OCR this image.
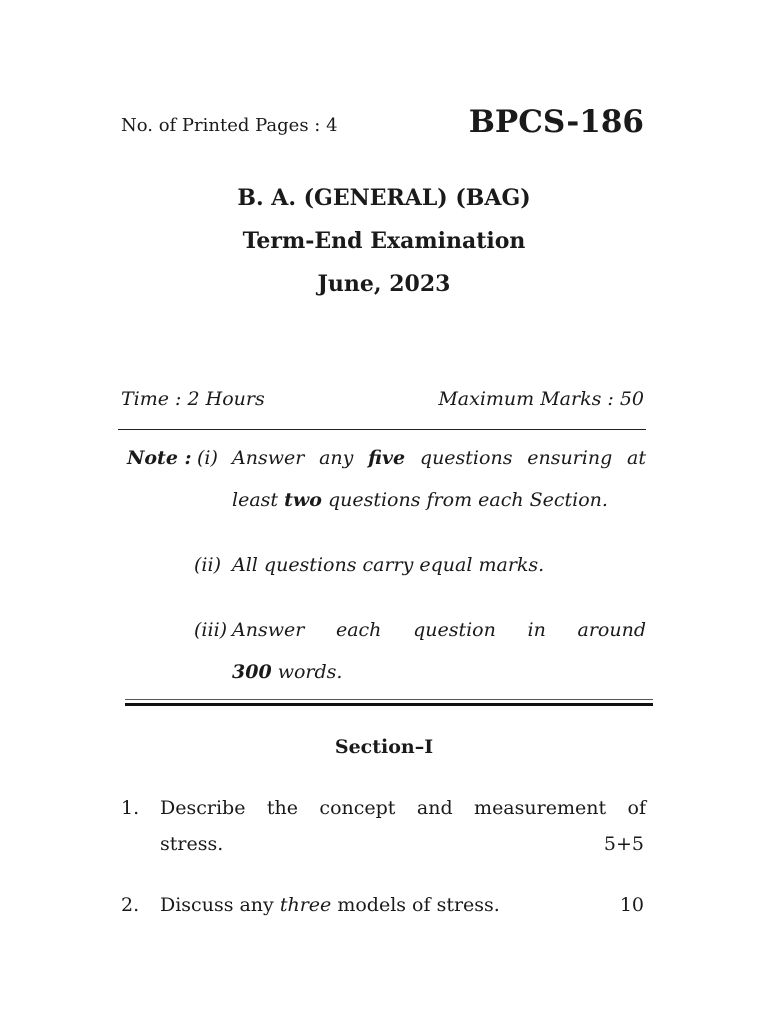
No. of Printed Pages : 4	BPCS-186
B. A. (GENERAL) (BAG)
Term-End Examination
June, 2023
Time : 2 Hours	Maximum Marks : 50
Note : (i) Answer any five questions ensuring at
least two questions from each Section.
(ii) All questions carry equal marks.
(iii) Answer each question in around
300 words.
Section–I
1. Describe the concept and measurement of
stress.	5+5
2. Discuss any three models of stress.	10
